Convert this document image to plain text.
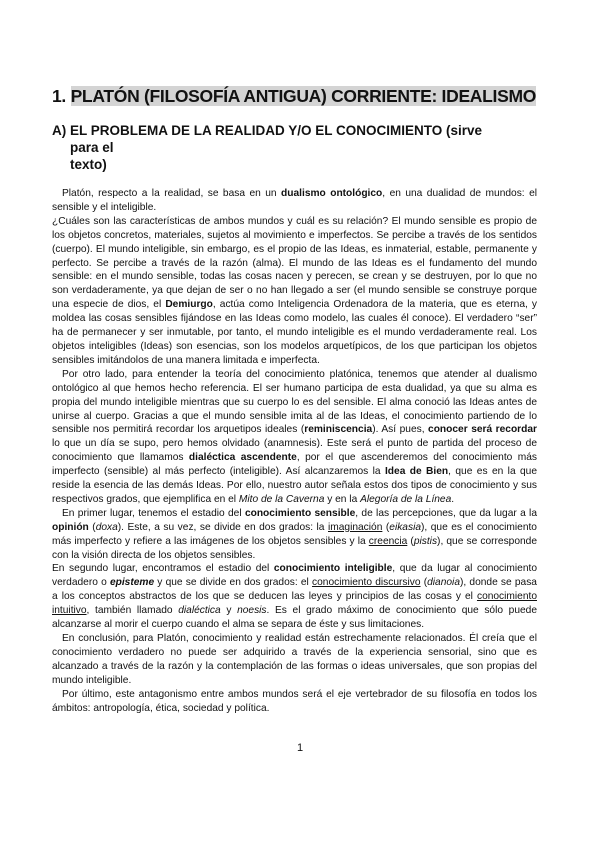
1. PLATÓN (FILOSOFÍA ANTIGUA) CORRIENTE: IDEALISMO
A) EL PROBLEMA DE LA REALIDAD Y/O EL CONOCIMIENTO (sirve
para el
texto)

Platón, respecto a la realidad, se basa en un dualismo ontológico, en una dualidad de mundos: el sensible y el inteligible.

¿Cuáles son las características de ambos mundos y cuál es su relación? El mundo sensible es propio de los objetos concretos, materiales, sujetos al movimiento e imperfectos. Se percibe a través de los sentidos (cuerpo). El mundo inteligible, sin embargo, es el propio de las Ideas, es inmaterial, estable, permanente y perfecto. Se percibe a través de la razón (alma). El mundo de las Ideas es el fundamento del mundo sensible: en el mundo sensible, todas las cosas nacen y perecen, se crean y se destruyen, por lo que no son verdaderamente, ya que dejan de ser o no han llegado a ser (el mundo sensible se construye porque una especie de dios, el Demiurgo, actúa como Inteligencia Ordenadora de la materia, que es eterna, y moldea las cosas sensibles fijándose en las Ideas como modelo, las cuales él conoce). El verdadero “ser” ha de permanecer y ser inmutable, por tanto, el mundo inteligible es el mundo verdaderamente real. Los objetos inteligibles (Ideas) son esencias, son los modelos arquetípicos, de los que participan los objetos sensibles imitándolos de una manera limitada e imperfecta.

Por otro lado, para entender la teoría del conocimiento platónica, tenemos que atender al dualismo ontológico al que hemos hecho referencia. El ser humano participa de esta dualidad, ya que su alma es propia del mundo inteligible mientras que su cuerpo lo es del sensible. El alma conoció las Ideas antes de unirse al cuerpo. Gracias a que el mundo sensible imita al de las Ideas, el conocimiento partiendo de lo sensible nos permitirá recordar los arquetipos ideales (reminiscencia). Así pues, conocer será recordar lo que un día se supo, pero hemos olvidado (anamnesis). Este será el punto de partida del proceso de conocimiento que llamamos dialéctica ascendente, por el que ascenderemos del conocimiento más imperfecto (sensible) al más perfecto (inteligible). Así alcanzaremos la Idea de Bien, que es en la que reside la esencia de las demás Ideas. Por ello, nuestro autor señala estos dos tipos de conocimiento y sus respectivos grados, que ejemplifica en el Mito de la Caverna y en la Alegoría de la Línea.

En primer lugar, tenemos el estadio del conocimiento sensible, de las percepciones, que da lugar a la opinión (doxa). Este, a su vez, se divide en dos grados: la imaginación (eikasia), que es el conocimiento más imperfecto y refiere a las imágenes de los objetos sensibles y la creencia (pistis), que se corresponde con la visión directa de los objetos sensibles.

En segundo lugar, encontramos el estadio del conocimiento inteligible, que da lugar al conocimiento verdadero o episteme y que se divide en dos grados: el conocimiento discursivo (dianoia), donde se pasa a los conceptos abstractos de los que se deducen las leyes y principios de las cosas y el conocimiento intuitivo, también llamado dialéctica y noesis. Es el grado máximo de conocimiento que sólo puede alcanzarse al morir el cuerpo cuando el alma se separa de éste y sus limitaciones.

En conclusión, para Platón, conocimiento y realidad están estrechamente relacionados. Él creía que el conocimiento verdadero no puede ser adquirido a través de la experiencia sensorial, sino que es alcanzado a través de la razón y la contemplación de las formas o ideas universales, que son propias del mundo inteligible.

Por último, este antagonismo entre ambos mundos será el eje vertebrador de su filosofía en todos los ámbitos: antropología, ética, sociedad y política.

1
